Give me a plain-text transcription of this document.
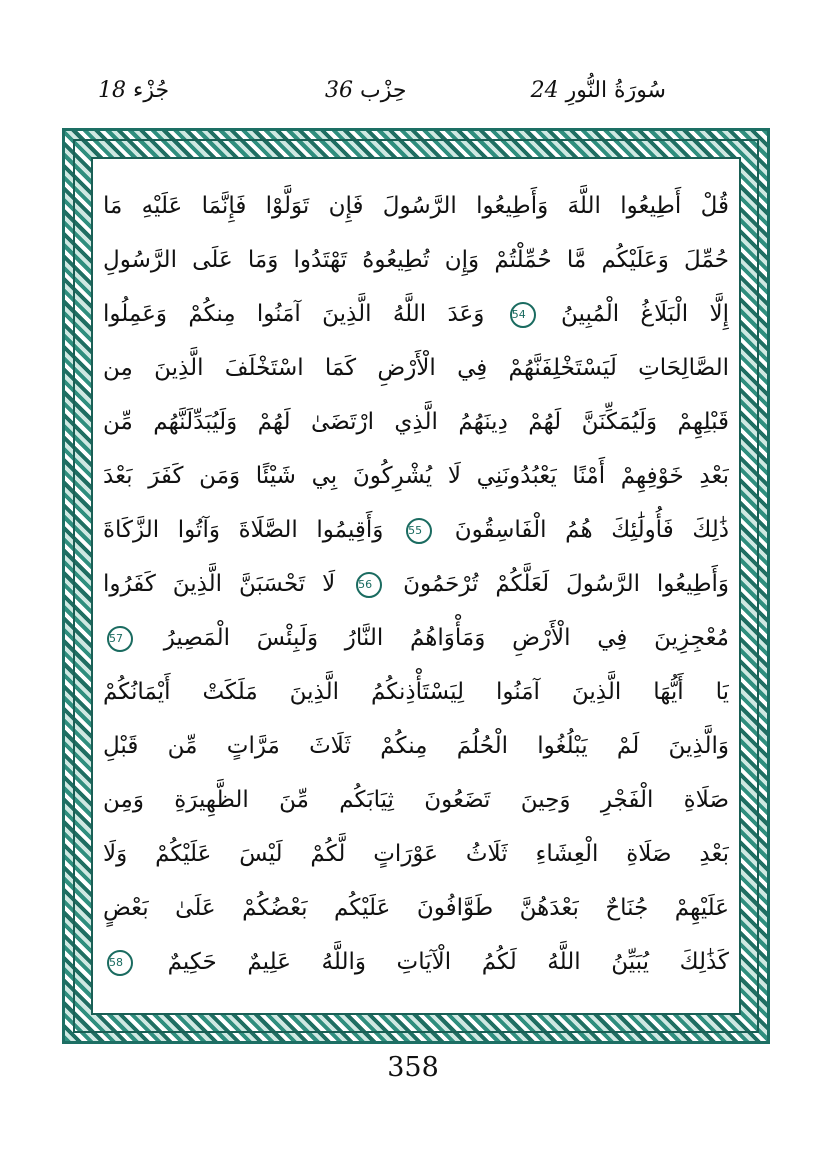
جُزْء 18	حِزْب 36	24 سُورَةُ النُّورِ
قُلْ أَطِيعُوا اللَّهَ وَأَطِيعُوا الرَّسُولَ فَإِن تَوَلَّوْا فَإِنَّمَا عَلَيْهِ مَا
حُمِّلَ وَعَلَيْكُم مَّا حُمِّلْتُمْ وَإِن تُطِيعُوهُ تَهْتَدُوا وَمَا عَلَى الرَّسُولِ
إِلَّا الْبَلَاغُ الْمُبِينُ 54 وَعَدَ اللَّهُ الَّذِينَ آمَنُوا مِنكُمْ وَعَمِلُوا
الصَّالِحَاتِ لَيَسْتَخْلِفَنَّهُمْ فِي الْأَرْضِ كَمَا اسْتَخْلَفَ الَّذِينَ مِن
قَبْلِهِمْ وَلَيُمَكِّنَنَّ لَهُمْ دِينَهُمُ الَّذِي ارْتَضَىٰ لَهُمْ وَلَيُبَدِّلَنَّهُم مِّن
بَعْدِ خَوْفِهِمْ أَمْنًا يَعْبُدُونَنِي لَا يُشْرِكُونَ بِي شَيْئًا وَمَن كَفَرَ بَعْدَ
ذَٰلِكَ فَأُولَٰئِكَ هُمُ الْفَاسِقُونَ 55 وَأَقِيمُوا الصَّلَاةَ وَآتُوا الزَّكَاةَ
وَأَطِيعُوا الرَّسُولَ لَعَلَّكُمْ تُرْحَمُونَ 56 لَا تَحْسَبَنَّ الَّذِينَ كَفَرُوا
مُعْجِزِينَ فِي الْأَرْضِ وَمَأْوَاهُمُ النَّارُ وَلَبِئْسَ الْمَصِيرُ 57
يَا أَيُّهَا الَّذِينَ آمَنُوا لِيَسْتَأْذِنكُمُ الَّذِينَ مَلَكَتْ أَيْمَانُكُمْ
وَالَّذِينَ لَمْ يَبْلُغُوا الْحُلُمَ مِنكُمْ ثَلَاثَ مَرَّاتٍ مِّن قَبْلِ
صَلَاةِ الْفَجْرِ وَحِينَ تَضَعُونَ ثِيَابَكُم مِّنَ الظَّهِيرَةِ وَمِن
بَعْدِ صَلَاةِ الْعِشَاءِ ثَلَاثُ عَوْرَاتٍ لَّكُمْ لَيْسَ عَلَيْكُمْ وَلَا
عَلَيْهِمْ جُنَاحٌ بَعْدَهُنَّ طَوَّافُونَ عَلَيْكُم بَعْضُكُمْ عَلَىٰ بَعْضٍ
كَذَٰلِكَ يُبَيِّنُ اللَّهُ لَكُمُ الْآيَاتِ وَاللَّهُ عَلِيمٌ حَكِيمٌ 58
358
